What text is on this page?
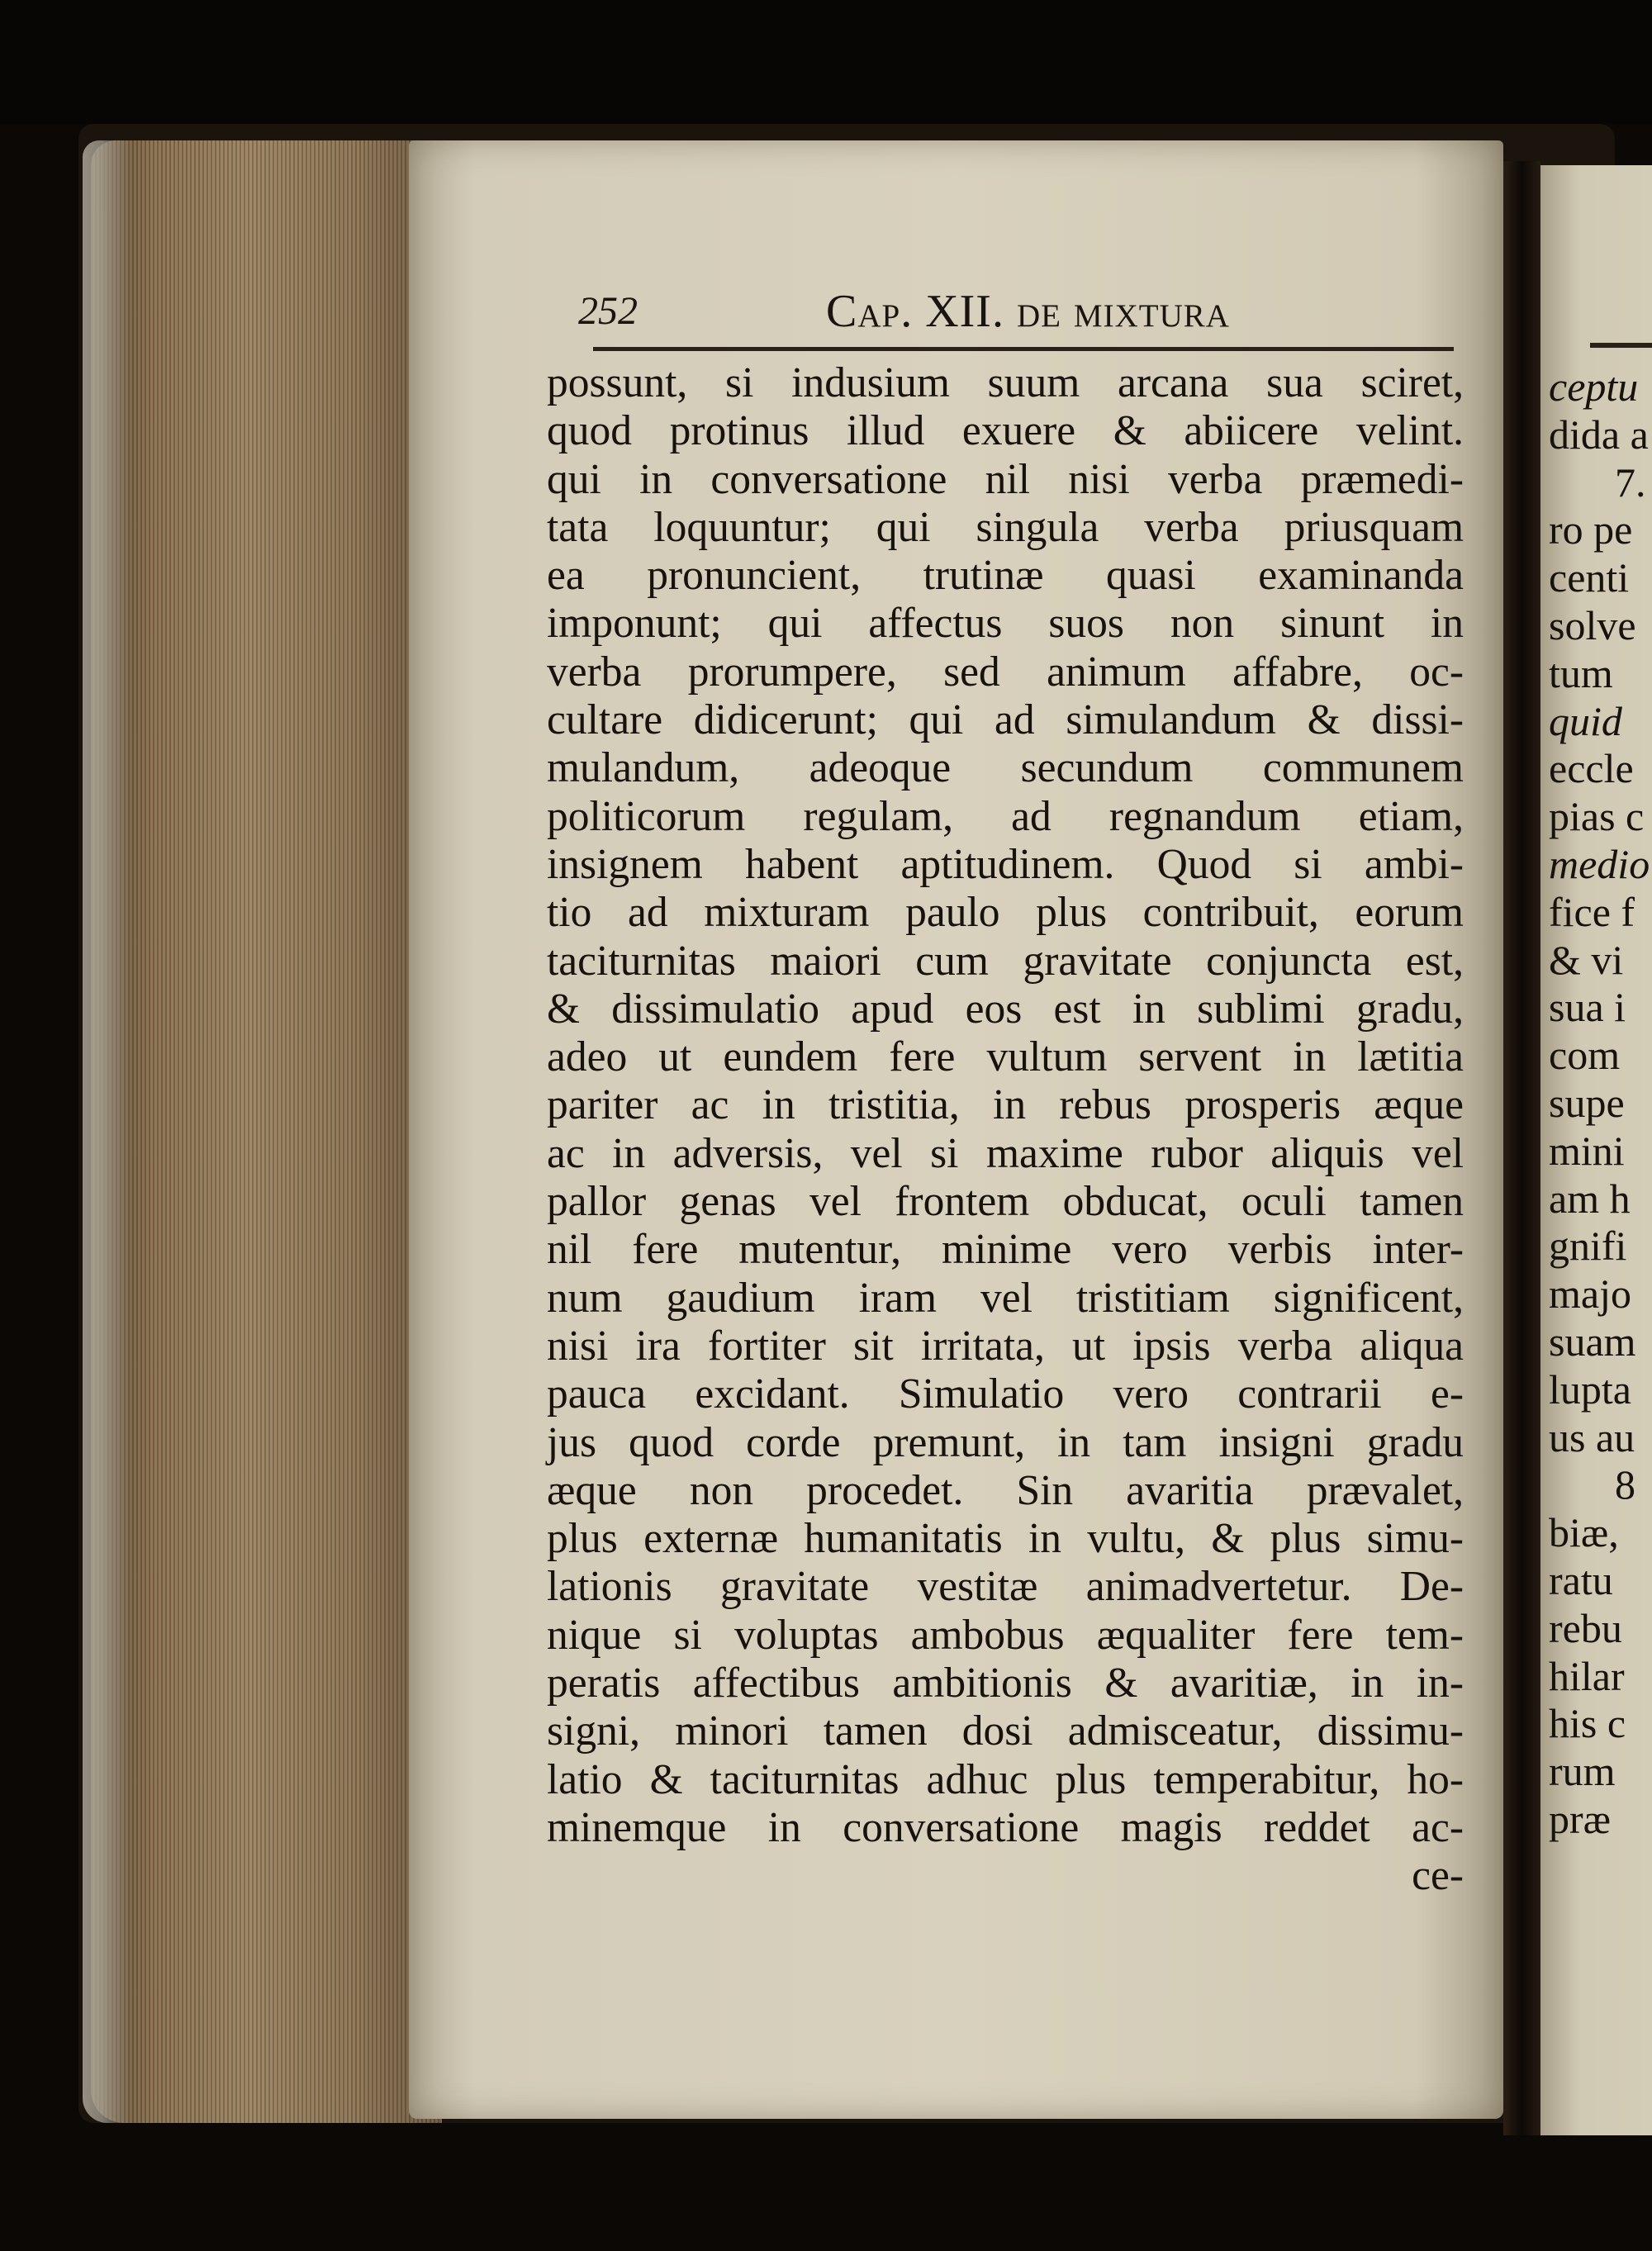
252	Cap. XII. de mixtura
possunt, si indusium suum arcana sua sciret,
quod protinus illud exuere & abiicere velint.
qui in conversatione nil nisi verba præmedi-
tata loquuntur; qui singula verba priusquam
ea pronuncient, trutinæ quasi examinanda
imponunt; qui affectus suos non sinunt in
verba prorumpere, sed animum affabre, oc-
cultare didicerunt; qui ad simulandum & dissi-
mulandum, adeoque secundum communem
politicorum regulam, ad regnandum etiam,
insignem habent aptitudinem. Quod si ambi-
tio ad mixturam paulo plus contribuit, eorum
taciturnitas maiori cum gravitate conjuncta est,
& dissimulatio apud eos est in sublimi gradu,
adeo ut eundem fere vultum servent in lætitia
pariter ac in tristitia, in rebus prosperis æque
ac in adversis, vel si maxime rubor aliquis vel
pallor genas vel frontem obducat, oculi tamen
nil fere mutentur, minime vero verbis inter-
num gaudium iram vel tristitiam significent,
nisi ira fortiter sit irritata, ut ipsis verba aliqua
pauca excidant. Simulatio vero contrarii e-
jus quod corde premunt, in tam insigni gradu
æque non procedet. Sin avaritia prævalet,
plus externæ humanitatis in vultu, & plus simu-
lationis gravitate vestitæ animadvertetur. De-
nique si voluptas ambobus æqualiter fere tem-
peratis affectibus ambitionis & avaritiæ, in in-
signi, minori tamen dosi admisceatur, dissimu-
latio & taciturnitas adhuc plus temperabitur, ho-
minemque in conversatione magis reddet ac-
ce-
ceptu
dida a
7.
ro pe
centi
solve
tum
quid
eccle
pias c
medio
fice f
& vi
sua i
com
supe
mini
am h
gnifi
majo
suam
lupta
us au
8
biæ,
ratu
rebu
hilar
his c
rum
præ
